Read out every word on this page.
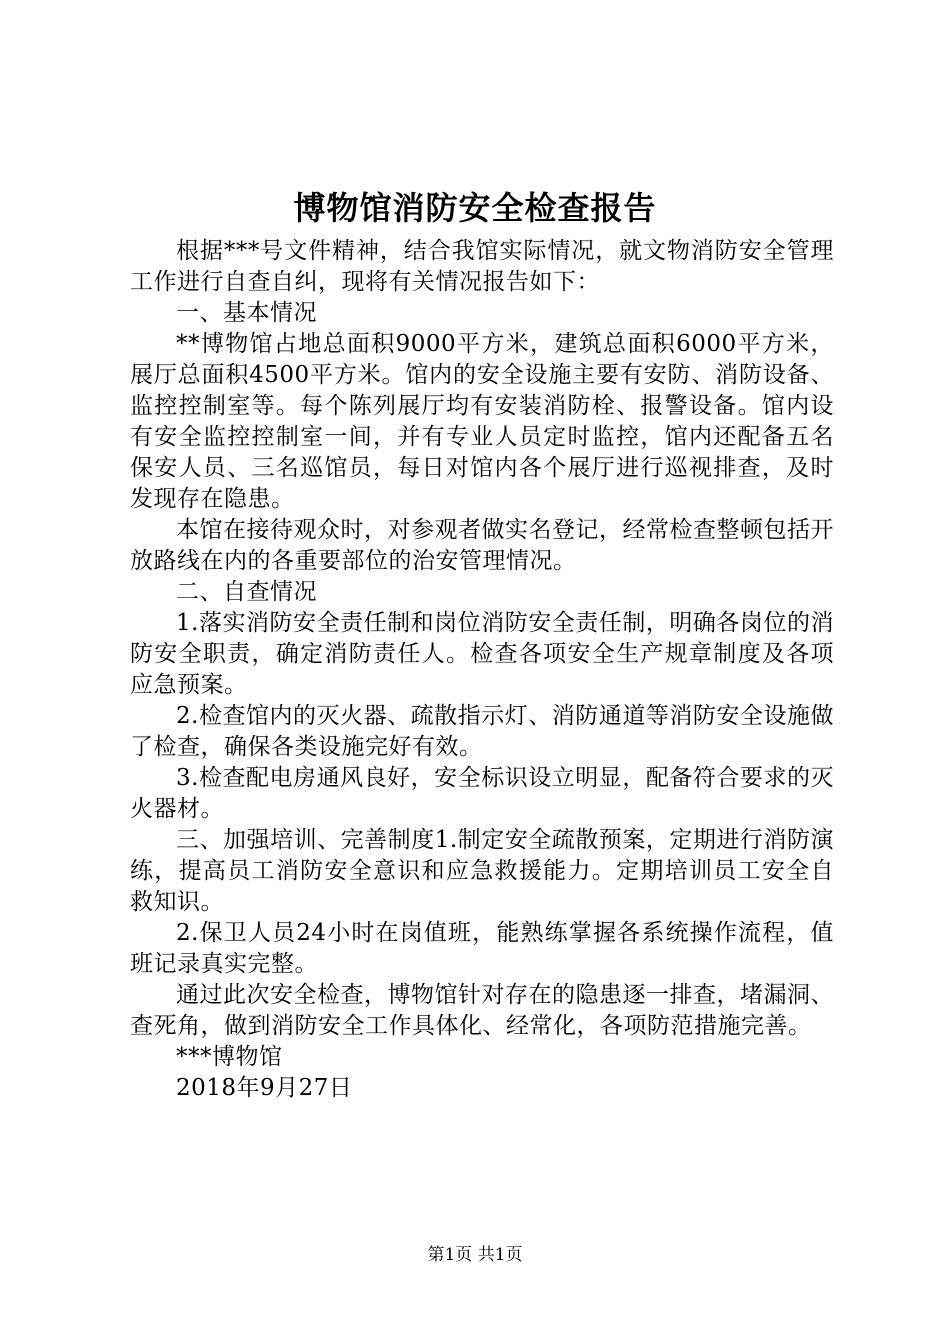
博物馆消防安全检查报告

根据***号文件精神，结合我馆实际情况，就文物消防安全管理工作进行自查自纠，现将有关情况报告如下：

一、基本情况

**博物馆占地总面积9000平方米，建筑总面积6000平方米，展厅总面积4500平方米。馆内的安全设施主要有安防、消防设备、监控控制室等。每个陈列展厅均有安装消防栓、报警设备。馆内设有安全监控控制室一间，并有专业人员定时监控，馆内还配备五名保安人员、三名巡馆员，每日对馆内各个展厅进行巡视排查，及时发现存在隐患。

本馆在接待观众时，对参观者做实名登记，经常检查整顿包括开放路线在内的各重要部位的治安管理情况。

二、自查情况

1.落实消防安全责任制和岗位消防安全责任制，明确各岗位的消防安全职责，确定消防责任人。检查各项安全生产规章制度及各项应急预案。

2.检查馆内的灭火器、疏散指示灯、消防通道等消防安全设施做了检查，确保各类设施完好有效。

3.检查配电房通风良好，安全标识设立明显，配备符合要求的灭火器材。

三、加强培训、完善制度1.制定安全疏散预案，定期进行消防演练，提高员工消防安全意识和应急救援能力。定期培训员工安全自救知识。

2.保卫人员24小时在岗值班，能熟练掌握各系统操作流程，值班记录真实完整。

通过此次安全检查，博物馆针对存在的隐患逐一排查，堵漏洞、查死角，做到消防安全工作具体化、经常化，各项防范措施完善。

***博物馆

2018年9月27日

第1页 共1页
